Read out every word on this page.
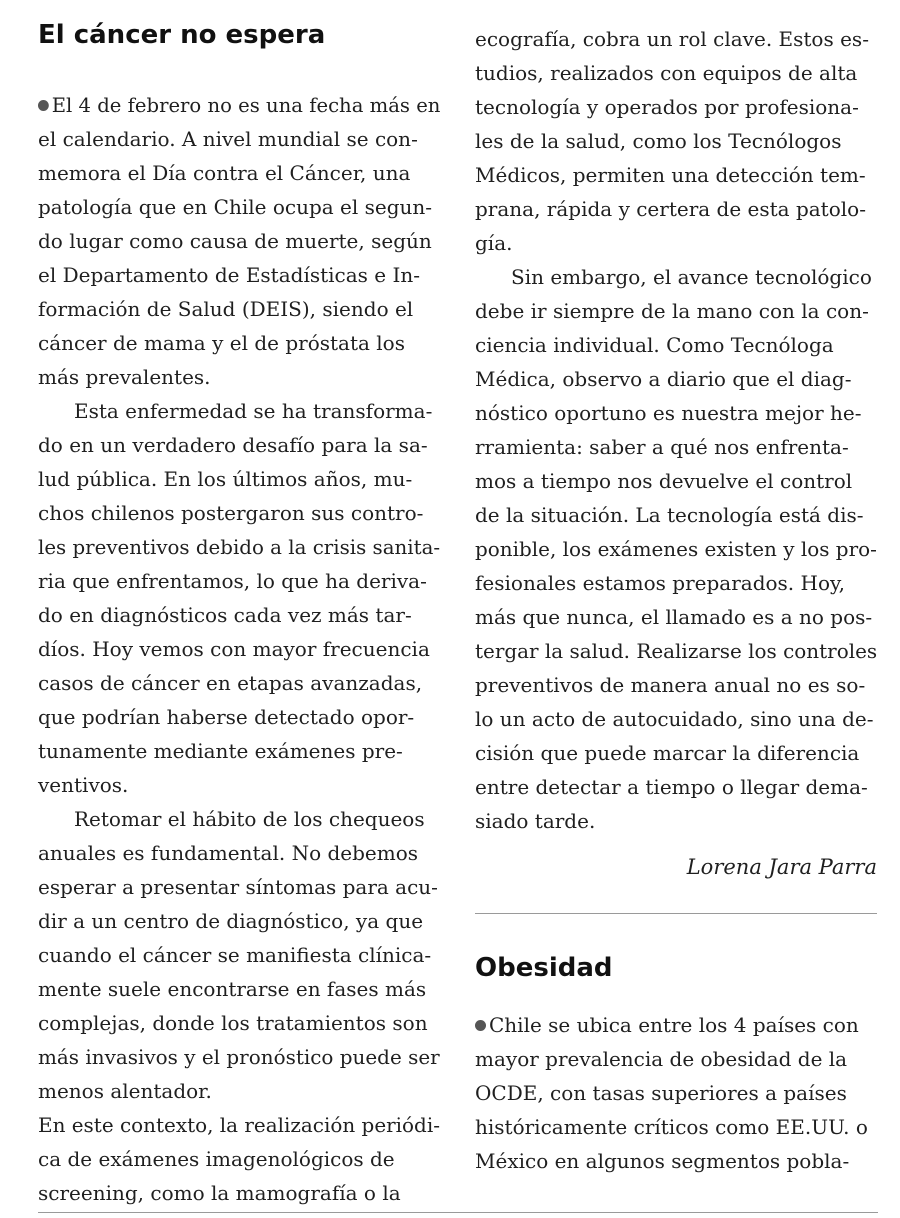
El cáncer no espera
El 4 de febrero no es una fecha más en
el calendario. A nivel mundial se con-
memora el Día contra el Cáncer, una
patología que en Chile ocupa el segun-
do lugar como causa de muerte, según
el Departamento de Estadísticas e In-
formación de Salud (DEIS), siendo el
cáncer de mama y el de próstata los
más prevalentes.
Esta enfermedad se ha transforma-
do en un verdadero desafío para la sa-
lud pública. En los últimos años, mu-
chos chilenos postergaron sus contro-
les preventivos debido a la crisis sanita-
ria que enfrentamos, lo que ha deriva-
do en diagnósticos cada vez más tar-
díos. Hoy vemos con mayor frecuencia
casos de cáncer en etapas avanzadas,
que podrían haberse detectado opor-
tunamente mediante exámenes pre-
ventivos.
Retomar el hábito de los chequeos
anuales es fundamental. No debemos
esperar a presentar síntomas para acu-
dir a un centro de diagnóstico, ya que
cuando el cáncer se manifiesta clínica-
mente suele encontrarse en fases más
complejas, donde los tratamientos son
más invasivos y el pronóstico puede ser
menos alentador.
En este contexto, la realización periódi-
ca de exámenes imagenológicos de
screening, como la mamografía o la
ecografía, cobra un rol clave. Estos es-
tudios, realizados con equipos de alta
tecnología y operados por profesiona-
les de la salud, como los Tecnólogos
Médicos, permiten una detección tem-
prana, rápida y certera de esta patolo-
gía.
Sin embargo, el avance tecnológico
debe ir siempre de la mano con la con-
ciencia individual. Como Tecnóloga
Médica, observo a diario que el diag-
nóstico oportuno es nuestra mejor he-
rramienta: saber a qué nos enfrenta-
mos a tiempo nos devuelve el control
de la situación. La tecnología está dis-
ponible, los exámenes existen y los pro-
fesionales estamos preparados. Hoy,
más que nunca, el llamado es a no pos-
tergar la salud. Realizarse los controles
preventivos de manera anual no es so-
lo un acto de autocuidado, sino una de-
cisión que puede marcar la diferencia
entre detectar a tiempo o llegar dema-
siado tarde.
Lorena Jara Parra
Obesidad
Chile se ubica entre los 4 países con
mayor prevalencia de obesidad de la
OCDE, con tasas superiores a países
históricamente críticos como EE.UU. o
México en algunos segmentos pobla-
